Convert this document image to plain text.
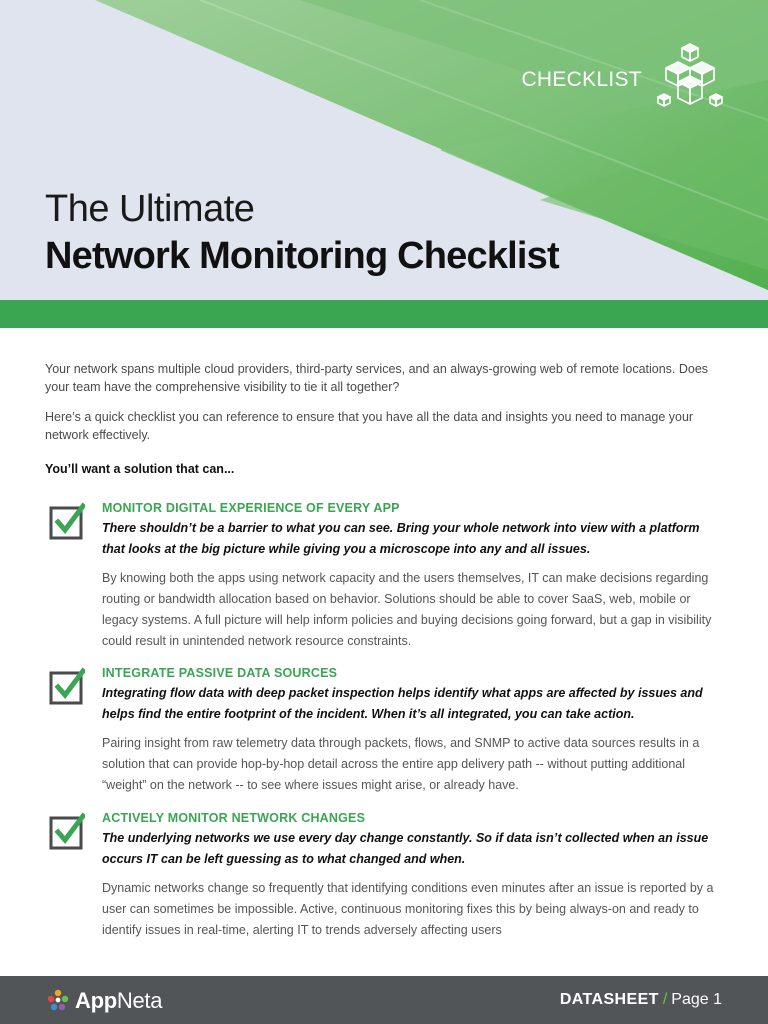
CHECKLIST
The Ultimate
Network Monitoring Checklist

Your network spans multiple cloud providers, third-party services, and an always-growing web of remote locations. Does your team have the comprehensive visibility to tie it all together?

Here’s a quick checklist you can reference to ensure that you have all the data and insights you need to manage your network effectively.

You’ll want a solution that can...

MONITOR DIGITAL EXPERIENCE OF EVERY APP

There shouldn’t be a barrier to what you can see. Bring your whole network into view with a platform that looks at the big picture while giving you a microscope into any and all issues.

By knowing both the apps using network capacity and the users themselves, IT can make decisions regarding routing or bandwidth allocation based on behavior. Solutions should be able to cover SaaS, web, mobile or legacy systems. A full picture will help inform policies and buying decisions going forward, but a gap in visibility could result in unintended network resource constraints.

INTEGRATE PASSIVE DATA SOURCES

Integrating flow data with deep packet inspection helps identify what apps are affected by issues and helps find the entire footprint of the incident. When it’s all integrated, you can take action.

Pairing insight from raw telemetry data through packets, flows, and SNMP to active data sources results in a solution that can provide hop-by-hop detail across the entire app delivery path -- without putting additional “weight” on the network -- to see where issues might arise, or already have.

ACTIVELY MONITOR NETWORK CHANGES

The underlying networks we use every day change constantly. So if data isn’t collected when an issue occurs IT can be left guessing as to what changed and when.

Dynamic networks change so frequently that identifying conditions even minutes after an issue is reported by a user can sometimes be impossible. Active, continuous monitoring fixes this by being always-on and ready to identify issues in real-time, alerting IT to trends adversely affecting users

AppNeta	DATASHEET / Page 1
